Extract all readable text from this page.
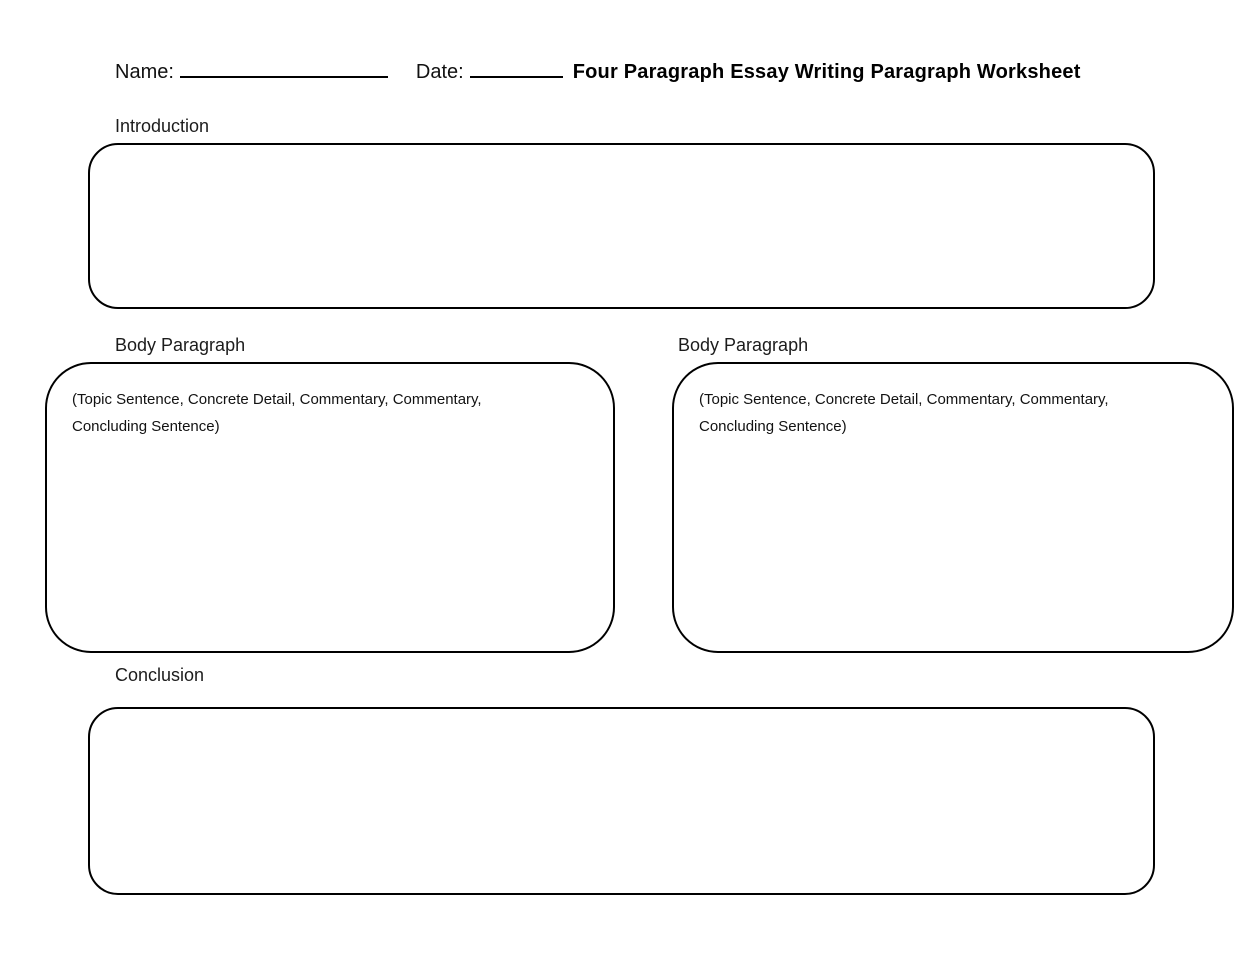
Name:	Date:	Four Paragraph Essay Writing Paragraph Worksheet
Introduction
Body Paragraph
(Topic Sentence, Concrete Detail, Commentary, Commentary,
Concluding Sentence)
Body Paragraph
(Topic Sentence, Concrete Detail, Commentary, Commentary,
Concluding Sentence)
Conclusion
